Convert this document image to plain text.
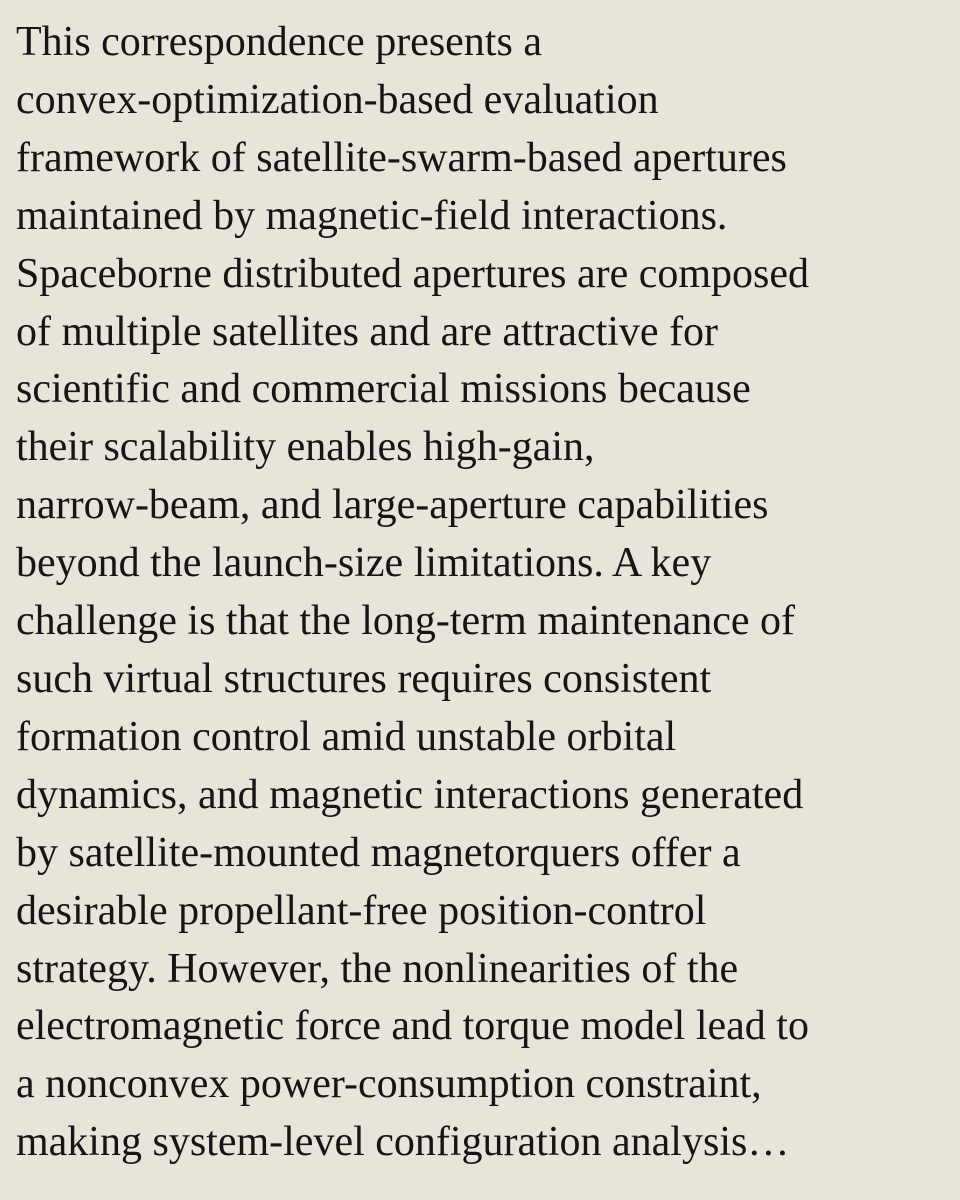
This correspondence presents a
convex-optimization-based evaluation
framework of satellite-swarm-based apertures
maintained by magnetic-field interactions.
Spaceborne distributed apertures are composed
of multiple satellites and are attractive for
scientific and commercial missions because
their scalability enables high-gain,
narrow-beam, and large-aperture capabilities
beyond the launch-size limitations. A key
challenge is that the long-term maintenance of
such virtual structures requires consistent
formation control amid unstable orbital
dynamics, and magnetic interactions generated
by satellite-mounted magnetorquers offer a
desirable propellant-free position-control
strategy. However, the nonlinearities of the
electromagnetic force and torque model lead to
a nonconvex power-consumption constraint,
making system-level configuration analysis…
